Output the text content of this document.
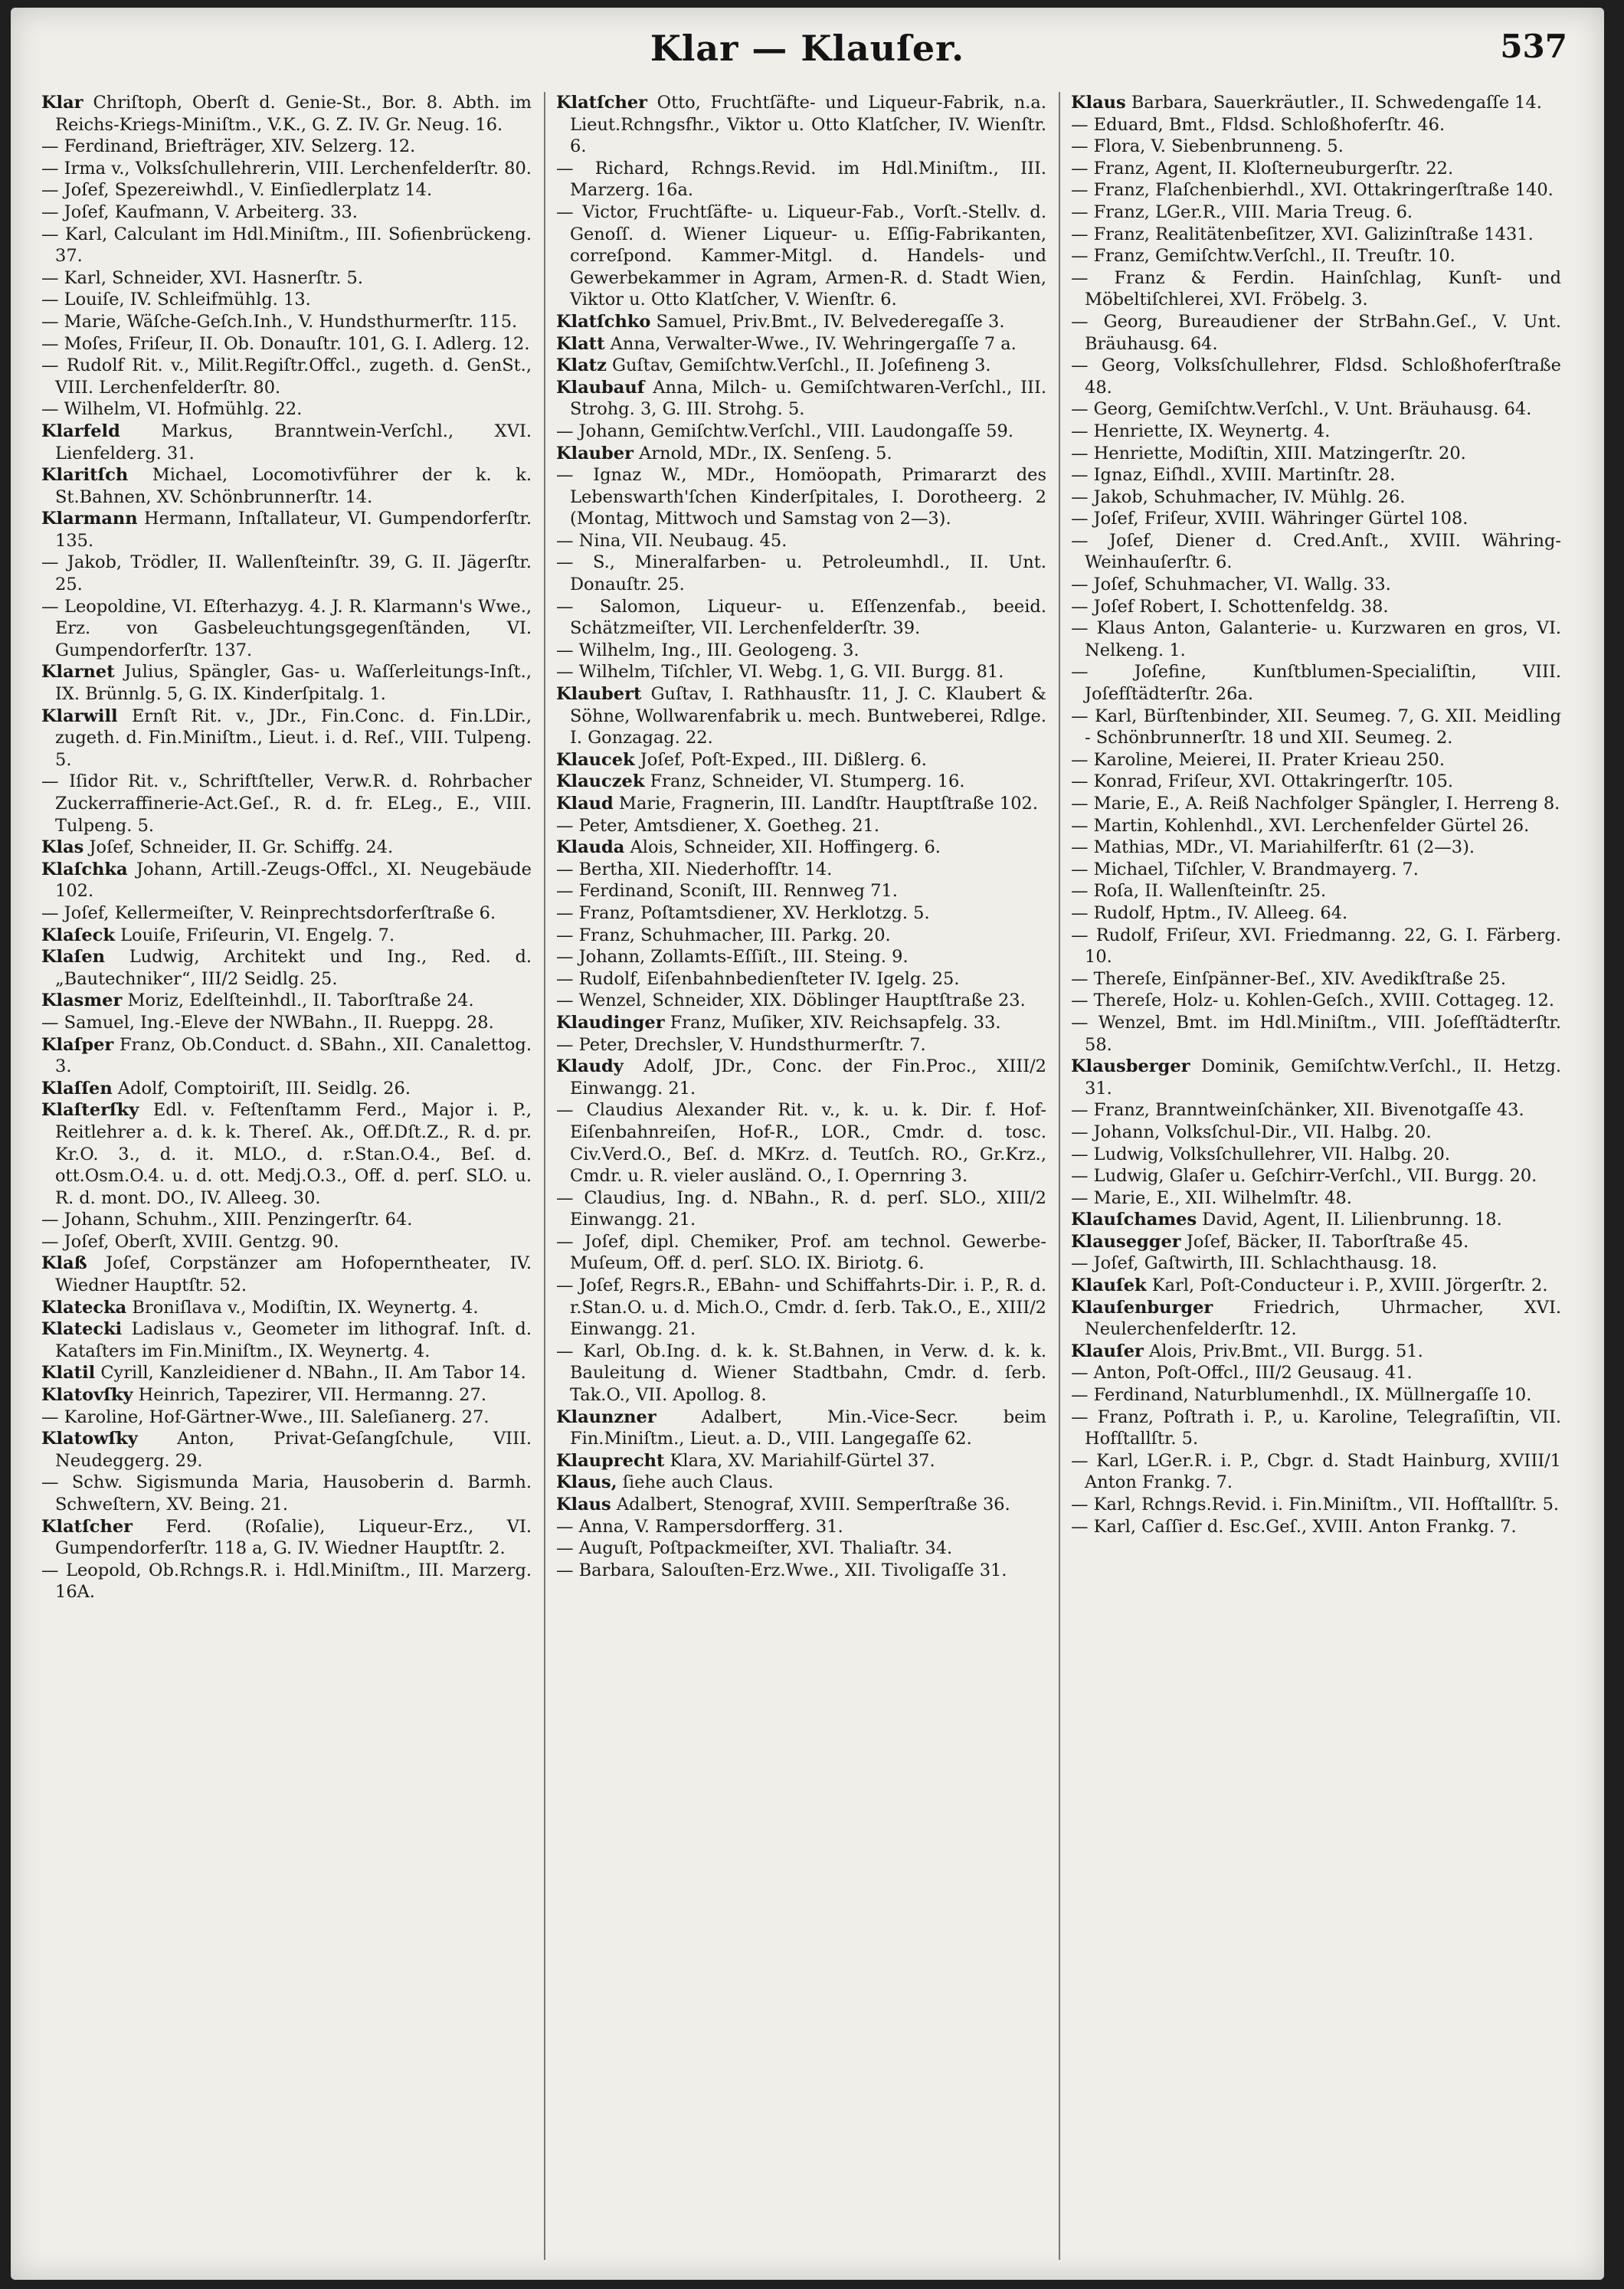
Klar — Klauſer.	537
Klar Chriſtoph, Oberſt d. Genie-St., Bor. 8. Abth. im Reichs-Kriegs-Miniſtm., V.K., G. Z. IV. Gr. Neug. 16.
— Ferdinand, Briefträger, XIV. Selzerg. 12.
— Irma v., Volksſchullehrerin, VIII. Lerchenfelderſtr. 80.
— Joſef, Spezereiwhdl., V. Einſiedlerplatz 14.
— Joſef, Kaufmann, V. Arbeiterg. 33.
— Karl, Calculant im Hdl.Miniſtm., III. Sofienbrückeng. 37.
— Karl, Schneider, XVI. Hasnerſtr. 5.
— Louiſe, IV. Schleifmühlg. 13.
— Marie, Wäſche-Geſch.Inh., V. Hundsthurmerſtr. 115.
— Moſes, Friſeur, II. Ob. Donauſtr. 101, G. I. Adlerg. 12.
— Rudolf Rit. v., Milit.Regiſtr.Offcl., zugeth. d. GenSt., VIII. Lerchenfelderſtr. 80.
— Wilhelm, VI. Hofmühlg. 22.
Klarfeld Markus, Branntwein-Verſchl., XVI. Lienfelderg. 31.
Klaritſch Michael, Locomotivführer der k. k. St.Bahnen, XV. Schönbrunnerſtr. 14.
Klarmann Hermann, Inſtallateur, VI. Gumpendorferſtr. 135.
— Jakob, Trödler, II. Wallenſteinſtr. 39, G. II. Jägerſtr. 25.
— Leopoldine, VI. Eſterhazyg. 4. J. R. Klarmann's Wwe., Erz. von Gasbeleuchtungsgegenſtänden, VI. Gumpendorferſtr. 137.
Klarnet Julius, Spängler, Gas- u. Waſſerleitungs-Inſt., IX. Brünnlg. 5, G. IX. Kinderſpitalg. 1.
Klarwill Ernſt Rit. v., JDr., Fin.Conc. d. Fin.LDir., zugeth. d. Fin.Miniſtm., Lieut. i. d. Reſ., VIII. Tulpeng. 5.
— Iſidor Rit. v., Schriftſteller, Verw.R. d. Rohrbacher Zuckerraffinerie-Act.Geſ., R. d. fr. ELeg., E., VIII. Tulpeng. 5.
Klas Joſef, Schneider, II. Gr. Schiffg. 24.
Klaſchka Johann, Artill.-Zeugs-Offcl., XI. Neugebäude 102.
— Joſef, Kellermeiſter, V. Reinprechtsdorferſtraße 6.
Klaſeck Louiſe, Friſeurin, VI. Engelg. 7.
Klaſen Ludwig, Architekt und Ing., Red. d. „Bautechniker“, III/2 Seidlg. 25.
Klasmer Moriz, Edelſteinhdl., II. Taborſtraße 24.
— Samuel, Ing.-Eleve der NWBahn., II. Rueppg. 28.
Klaſper Franz, Ob.Conduct. d. SBahn., XII. Canalettog. 3.
Klaſſen Adolf, Comptoiriſt, III. Seidlg. 26.
Klaſterſky Edl. v. Feſtenſtamm Ferd., Major i. P., Reitlehrer a. d. k. k. Thereſ. Ak., Off.Dſt.Z., R. d. pr. Kr.O. 3., d. it. MLO., d. r.Stan.O.4., Beſ. d. ott.Osm.O.4. u. d. ott. Medj.O.3., Off. d. perſ. SLO. u. R. d. mont. DO., IV. Alleeg. 30.
— Johann, Schuhm., XIII. Penzingerſtr. 64.
— Joſef, Oberſt, XVIII. Gentzg. 90.
Klaß Joſef, Corpstänzer am Hofoperntheater, IV. Wiedner Hauptſtr. 52.
Klatecka Broniſlava v., Modiſtin, IX. Weynertg. 4.
Klatecki Ladislaus v., Geometer im lithograf. Inſt. d. Kataſters im Fin.Miniſtm., IX. Weynertg. 4.
Klatil Cyrill, Kanzleidiener d. NBahn., II. Am Tabor 14.
Klatovſky Heinrich, Tapezirer, VII. Hermanng. 27.
— Karoline, Hof-Gärtner-Wwe., III. Saleſianerg. 27.
Klatowſky Anton, Privat-Geſangſchule, VIII. Neudeggerg. 29.
— Schw. Sigismunda Maria, Hausoberin d. Barmh. Schweſtern, XV. Being. 21.
Klatſcher Ferd. (Roſalie), Liqueur-Erz., VI. Gumpendorferſtr. 118 a, G. IV. Wiedner Hauptſtr. 2.
— Leopold, Ob.Rchngs.R. i. Hdl.Miniſtm., III. Marzerg. 16A.
Klatſcher Otto, Fruchtſäfte- und Liqueur-Fabrik, n.a. Lieut.Rchngsfhr., Viktor u. Otto Klatſcher, IV. Wienſtr. 6.
— Richard, Rchngs.Revid. im Hdl.Miniſtm., III. Marzerg. 16a.
— Victor, Fruchtſäfte- u. Liqueur-Fab., Vorſt.-Stellv. d. Genoſſ. d. Wiener Liqueur- u. Eſſig-Fabrikanten, correſpond. Kammer-Mitgl. d. Handels- und Gewerbekammer in Agram, Armen-R. d. Stadt Wien, Viktor u. Otto Klatſcher, V. Wienſtr. 6.
Klatſchko Samuel, Priv.Bmt., IV. Belvederegaſſe 3.
Klatt Anna, Verwalter-Wwe., IV. Wehringergaſſe 7 a.
Klatz Guſtav, Gemiſchtw.Verſchl., II. Joſefineng 3.
Klaubauf Anna, Milch- u. Gemiſchtwaren-Verſchl., III. Strohg. 3, G. III. Strohg. 5.
— Johann, Gemiſchtw.Verſchl., VIII. Laudongaſſe 59.
Klauber Arnold, MDr., IX. Senſeng. 5.
— Ignaz W., MDr., Homöopath, Primararzt des Lebenswarth'ſchen Kinderſpitales, I. Dorotheerg. 2 (Montag, Mittwoch und Samstag von 2—3).
— Nina, VII. Neubaug. 45.
— S., Mineralfarben- u. Petroleumhdl., II. Unt. Donauſtr. 25.
— Salomon, Liqueur- u. Eſſenzenfab., beeid. Schätzmeiſter, VII. Lerchenfelderſtr. 39.
— Wilhelm, Ing., III. Geologeng. 3.
— Wilhelm, Tiſchler, VI. Webg. 1, G. VII. Burgg. 81.
Klaubert Guſtav, I. Rathhausſtr. 11, J. C. Klaubert & Söhne, Wollwarenfabrik u. mech. Buntweberei, Rdlge. I. Gonzagag. 22.
Klaucek Joſef, Poſt-Exped., III. Dißlerg. 6.
Klauczek Franz, Schneider, VI. Stumperg. 16.
Klaud Marie, Fragnerin, III. Landſtr. Hauptſtraße 102.
— Peter, Amtsdiener, X. Goetheg. 21.
Klauda Alois, Schneider, XII. Hoffingerg. 6.
— Bertha, XII. Niederhofſtr. 14.
— Ferdinand, Sconiſt, III. Rennweg 71.
— Franz, Poſtamtsdiener, XV. Herklotzg. 5.
— Franz, Schuhmacher, III. Parkg. 20.
— Johann, Zollamts-Eſſiſt., III. Steing. 9.
— Rudolf, Eiſenbahnbedienſteter IV. Igelg. 25.
— Wenzel, Schneider, XIX. Döblinger Hauptſtraße 23.
Klaudinger Franz, Muſiker, XIV. Reichsapfelg. 33.
— Peter, Drechsler, V. Hundsthurmerſtr. 7.
Klaudy Adolf, JDr., Conc. der Fin.Proc., XIII/2 Einwangg. 21.
— Claudius Alexander Rit. v., k. u. k. Dir. f. Hof-Eiſenbahnreiſen, Hof-R., LOR., Cmdr. d. tosc. Civ.Verd.O., Beſ. d. MKrz. d. Teutſch. RO., Gr.Krz., Cmdr. u. R. vieler ausländ. O., I. Opernring 3.
— Claudius, Ing. d. NBahn., R. d. perſ. SLO., XIII/2 Einwangg. 21.
— Joſef, dipl. Chemiker, Prof. am technol. Gewerbe-Muſeum, Off. d. perſ. SLO. IX. Biriotg. 6.
— Joſef, Regrs.R., EBahn- und Schiffahrts-Dir. i. P., R. d. r.Stan.O. u. d. Mich.O., Cmdr. d. ſerb. Tak.O., E., XIII/2 Einwangg. 21.
— Karl, Ob.Ing. d. k. k. St.Bahnen, in Verw. d. k. k. Bauleitung d. Wiener Stadtbahn, Cmdr. d. ſerb. Tak.O., VII. Apollog. 8.
Klaunzner Adalbert, Min.-Vice-Secr. beim Fin.Miniſtm., Lieut. a. D., VIII. Langegaſſe 62.
Klauprecht Klara, XV. Mariahilf-Gürtel 37.
Klaus, ſiehe auch Claus.
Klaus Adalbert, Stenograf, XVIII. Semperſtraße 36.
— Anna, V. Rampersdorfferg. 31.
— Auguſt, Poſtpackmeiſter, XVI. Thaliaſtr. 34.
— Barbara, Salouſten-Erz.Wwe., XII. Tivoligaſſe 31.
Klaus Barbara, Sauerkräutler., II. Schwedengaſſe 14.
— Eduard, Bmt., Fldsd. Schloßhoferſtr. 46.
— Flora, V. Siebenbrunneng. 5.
— Franz, Agent, II. Kloſterneuburgerſtr. 22.
— Franz, Flaſchenbierhdl., XVI. Ottakringerſtraße 140.
— Franz, LGer.R., VIII. Maria Treug. 6.
— Franz, Realitätenbeſitzer, XVI. Galizinſtraße 1431.
— Franz, Gemiſchtw.Verſchl., II. Treuſtr. 10.
— Franz & Ferdin. Hainſchlag, Kunſt- und Möbeltiſchlerei, XVI. Fröbelg. 3.
— Georg, Bureaudiener der StrBahn.Geſ., V. Unt. Bräuhausg. 64.
— Georg, Volksſchullehrer, Fldsd. Schloßhoferſtraße 48.
— Georg, Gemiſchtw.Verſchl., V. Unt. Bräuhausg. 64.
— Henriette, IX. Weynertg. 4.
— Henriette, Modiſtin, XIII. Matzingerſtr. 20.
— Ignaz, Eiſhdl., XVIII. Martinſtr. 28.
— Jakob, Schuhmacher, IV. Mühlg. 26.
— Joſef, Friſeur, XVIII. Währinger Gürtel 108.
— Joſef, Diener d. Cred.Anſt., XVIII. Währing-Weinhauſerſtr. 6.
— Joſef, Schuhmacher, VI. Wallg. 33.
— Joſef Robert, I. Schottenfeldg. 38.
— Klaus Anton, Galanterie- u. Kurzwaren en gros, VI. Nelkeng. 1.
— Joſefine, Kunſtblumen-Specialiſtin, VIII. Joſefſtädterſtr. 26a.
— Karl, Bürſtenbinder, XII. Seumeg. 7, G. XII. Meidling - Schönbrunnerſtr. 18 und XII. Seumeg. 2.
— Karoline, Meierei, II. Prater Krieau 250.
— Konrad, Friſeur, XVI. Ottakringerſtr. 105.
— Marie, E., A. Reiß Nachfolger Spängler, I. Herreng 8.
— Martin, Kohlenhdl., XVI. Lerchenfelder Gürtel 26.
— Mathias, MDr., VI. Mariahilferſtr. 61 (2—3).
— Michael, Tiſchler, V. Brandmayerg. 7.
— Roſa, II. Wallenſteinſtr. 25.
— Rudolf, Hptm., IV. Alleeg. 64.
— Rudolf, Friſeur, XVI. Friedmanng. 22, G. I. Färberg. 10.
— Thereſe, Einſpänner-Beſ., XIV. Avedikſtraße 25.
— Thereſe, Holz- u. Kohlen-Geſch., XVIII. Cottageg. 12.
— Wenzel, Bmt. im Hdl.Miniſtm., VIII. Joſefſtädterſtr. 58.
Klausberger Dominik, Gemiſchtw.Verſchl., II. Hetzg. 31.
— Franz, Branntweinſchänker, XII. Bivenotgaſſe 43.
— Johann, Volksſchul-Dir., VII. Halbg. 20.
— Ludwig, Volksſchullehrer, VII. Halbg. 20.
— Ludwig, Glaſer u. Geſchirr-Verſchl., VII. Burgg. 20.
— Marie, E., XII. Wilhelmſtr. 48.
Klauſchames David, Agent, II. Lilienbrunng. 18.
Klausegger Joſef, Bäcker, II. Taborſtraße 45.
— Joſef, Gaſtwirth, III. Schlachthausg. 18.
Klauſek Karl, Poſt-Conducteur i. P., XVIII. Jörgerſtr. 2.
Klauſenburger Friedrich, Uhrmacher, XVI. Neulerchenfelderſtr. 12.
Klauſer Alois, Priv.Bmt., VII. Burgg. 51.
— Anton, Poſt-Offcl., III/2 Geusaug. 41.
— Ferdinand, Naturblumenhdl., IX. Müllnergaſſe 10.
— Franz, Poſtrath i. P., u. Karoline, Telegraſiſtin, VII. Hofſtallſtr. 5.
— Karl, LGer.R. i. P., Cbgr. d. Stadt Hainburg, XVIII/1 Anton Frankg. 7.
— Karl, Rchngs.Revid. i. Fin.Miniſtm., VII. Hofſtallſtr. 5.
— Karl, Caſſier d. Esc.Geſ., XVIII. Anton Frankg. 7.
